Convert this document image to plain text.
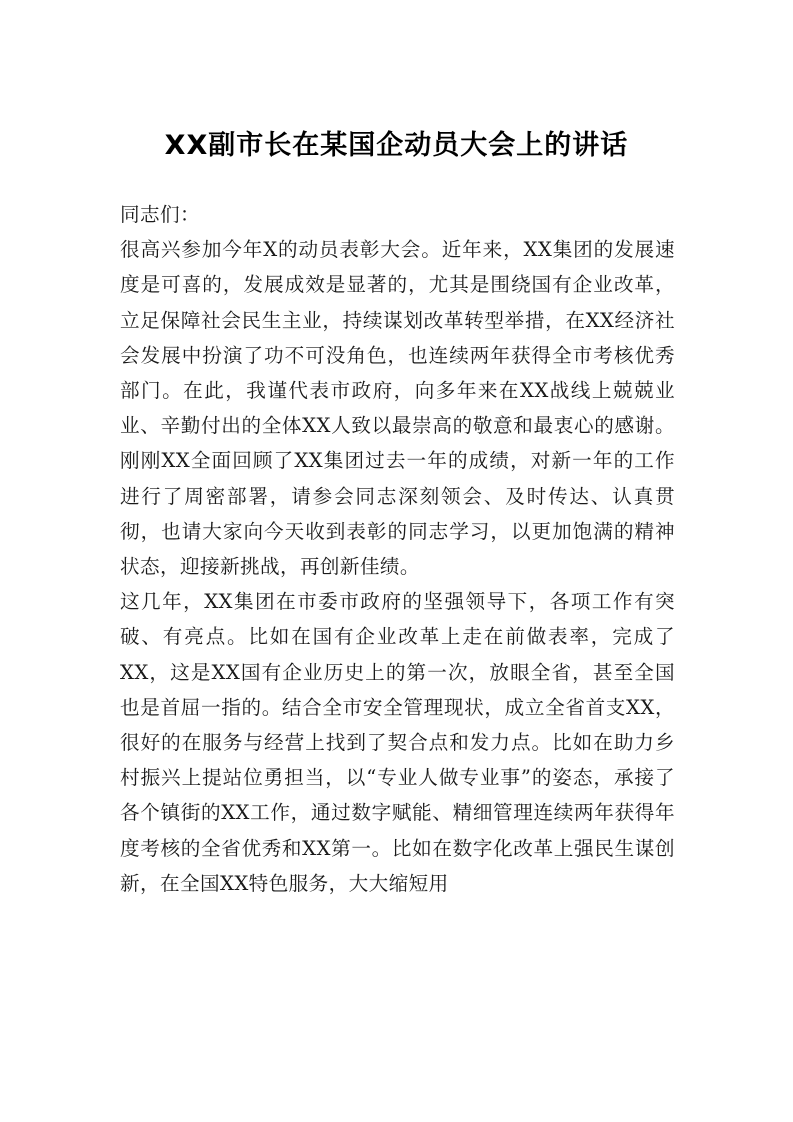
XX副市长在某国企动员大会上的讲话

同志们：

很高兴参加今年X的动员表彰大会。近年来，XX集团的发展速度是可喜的，发展成效是显著的，尤其是围绕国有企业改革，立足保障社会民生主业，持续谋划改革转型举措，在XX经济社会发展中扮演了功不可没角色，也连续两年获得全市考核优秀部门。在此，我谨代表市政府，向多年来在XX战线上兢兢业业、辛勤付出的全体XX人致以最崇高的敬意和最衷心的感谢。刚刚XX全面回顾了XX集团过去一年的成绩，对新一年的工作进行了周密部署，请参会同志深刻领会、及时传达、认真贯彻，也请大家向今天收到表彰的同志学习，以更加饱满的精神状态，迎接新挑战，再创新佳绩。

这几年，XX集团在市委市政府的坚强领导下，各项工作有突破、有亮点。比如在国有企业改革上走在前做表率，完成了XX，这是XX国有企业历史上的第一次，放眼全省，甚至全国也是首屈一指的。结合全市安全管理现状，成立全省首支XX，很好的在服务与经营上找到了契合点和发力点。比如在助力乡村振兴上提站位勇担当，以“专业人做专业事”的姿态，承接了各个镇街的XX工作，通过数字赋能、精细管理连续两年获得年度考核的全省优秀和XX第一。比如在数字化改革上强民生谋创新，在全国XX特色服务，大大缩短用
